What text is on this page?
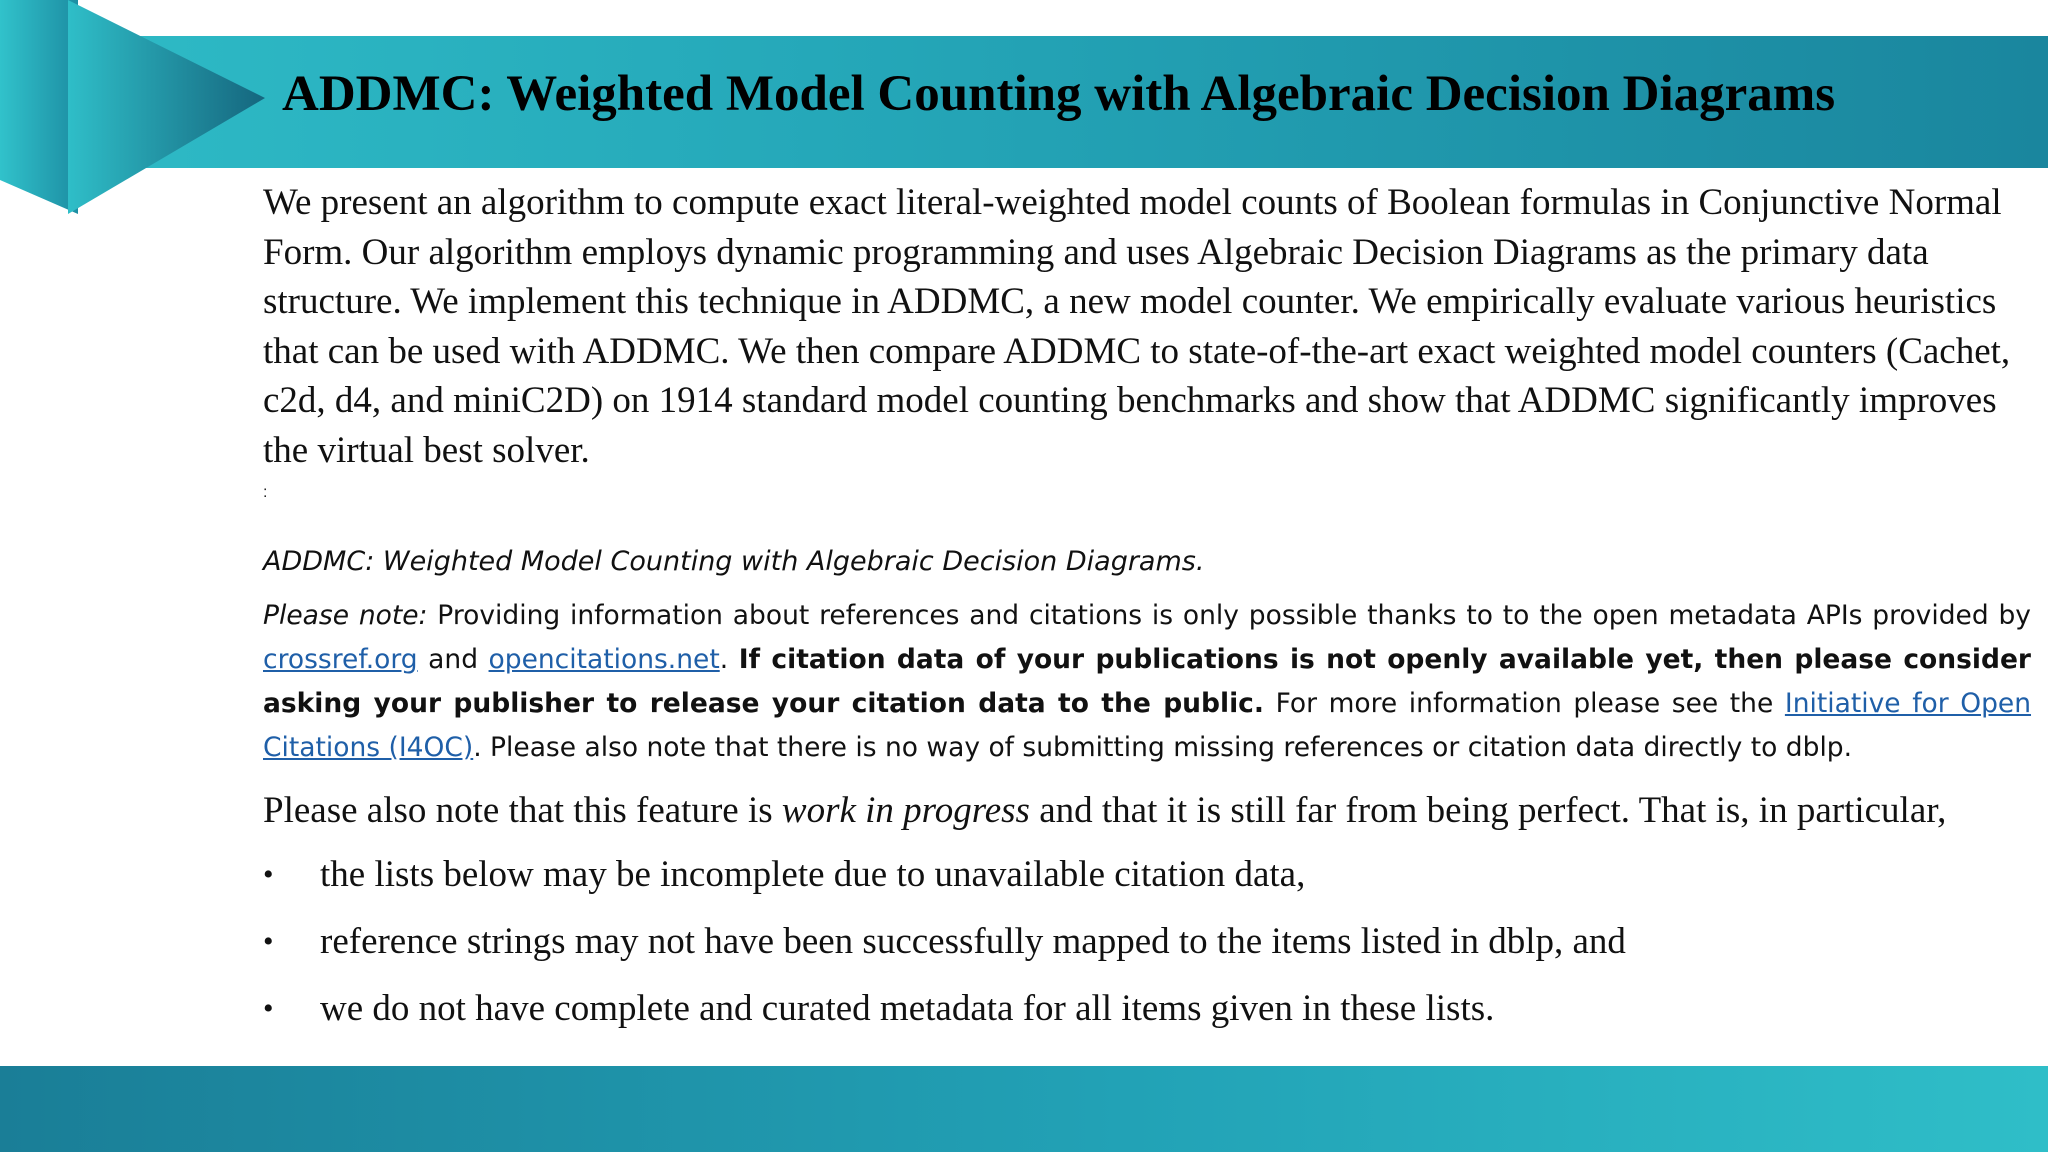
ADDMC: Weighted Model Counting with Algebraic Decision Diagrams

We present an algorithm to compute exact literal-weighted model counts of Boolean formulas in Conjunctive Normal Form. Our algorithm employs dynamic programming and uses Algebraic Decision Diagrams as the primary data structure. We implement this technique in ADDMC, a new model counter. We empirically evaluate various heuristics that can be used with ADDMC. We then compare ADDMC to state-of-the-art exact weighted model counters (Cachet, c2d, d4, and miniC2D) on 1914 standard model counting benchmarks and show that ADDMC significantly improves the virtual best solver.

:
ADDMC: Weighted Model Counting with Algebraic Decision Diagrams.

Please note: Providing information about references and citations is only possible thanks to to the open metadata APIs provided by crossref.org and opencitations.net. If citation data of your publications is not openly available yet, then please consider asking your publisher to release your citation data to the public. For more information please see the Initiative for Open Citations (I4OC). Please also note that there is no way of submitting missing references or citation data directly to dblp.

Please also note that this feature is work in progress and that it is still far from being perfect. That is, in particular,
• the lists below may be incomplete due to unavailable citation data,
• reference strings may not have been successfully mapped to the items listed in dblp, and
• we do not have complete and curated metadata for all items given in these lists.
